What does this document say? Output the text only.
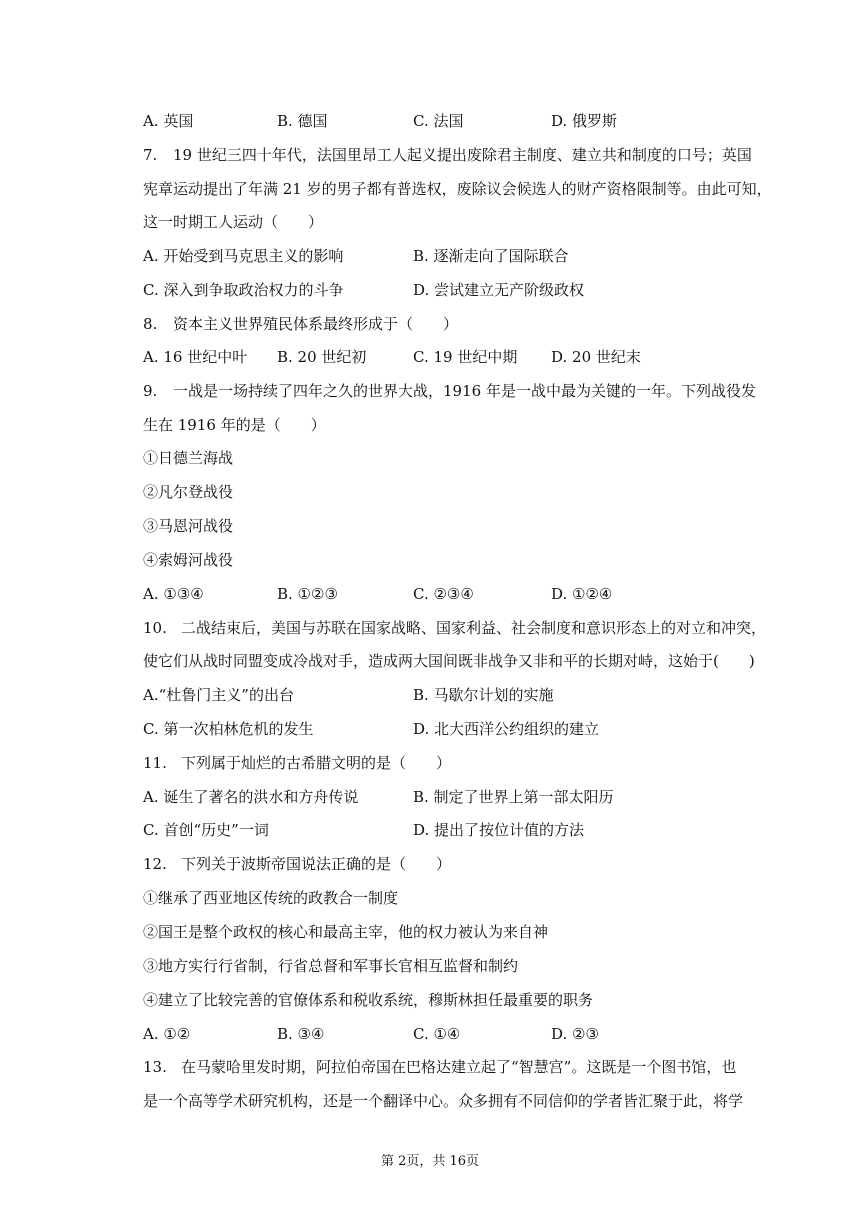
A. 英国	B. 德国	C. 法国	D. 俄罗斯
7. 19 世纪三四十年代，法国里昂工人起义提出废除君主制度、建立共和制度的口号；英国
宪章运动提出了年满 21 岁的男子都有普选权，废除议会候选人的财产资格限制等。由此可知，
这一时期工人运动（　　）
A. 开始受到马克思主义的影响	B. 逐渐走向了国际联合
C. 深入到争取政治权力的斗争	D. 尝试建立无产阶级政权
8. 资本主义世界殖民体系最终形成于（　　）
A. 16 世纪中叶 B. 20 世纪初	C. 19 世纪中期 D. 20 世纪末
9. 一战是一场持续了四年之久的世界大战，1916 年是一战中最为关键的一年。下列战役发
生在 1916 年的是（　　）
①日德兰海战
②凡尔登战役
③马恩河战役
④索姆河战役
A. ①③④	B. ①②③	C. ②③④	D. ①②④
10. 二战结束后，美国与苏联在国家战略、国家利益、社会制度和意识形态上的对立和冲突，
使它们从战时同盟变成冷战对手，造成两大国间既非战争又非和平的长期对峙，这始于(　　)
A.“杜鲁门主义”的出台	B. 马歇尔计划的实施
C. 第一次柏林危机的发生	D. 北大西洋公约组织的建立
11. 下列属于灿烂的古希腊文明的是（　　）
A. 诞生了著名的洪水和方舟传说	B. 制定了世界上第一部太阳历
C. 首创“历史”一词	D. 提出了按位计值的方法
12. 下列关于波斯帝国说法正确的是（　　）
①继承了西亚地区传统的政教合一制度
②国王是整个政权的核心和最高主宰，他的权力被认为来自神
③地方实行行省制，行省总督和军事长官相互监督和制约
④建立了比较完善的官僚体系和税收系统，穆斯林担任最重要的职务
A. ①②	B. ③④	C. ①④	D. ②③
13. 在马蒙哈里发时期，阿拉伯帝国在巴格达建立起了“智慧宫”。这既是一个图书馆，也
是一个高等学术研究机构，还是一个翻译中心。众多拥有不同信仰的学者皆汇聚于此，将学
第 2页，共 16页
